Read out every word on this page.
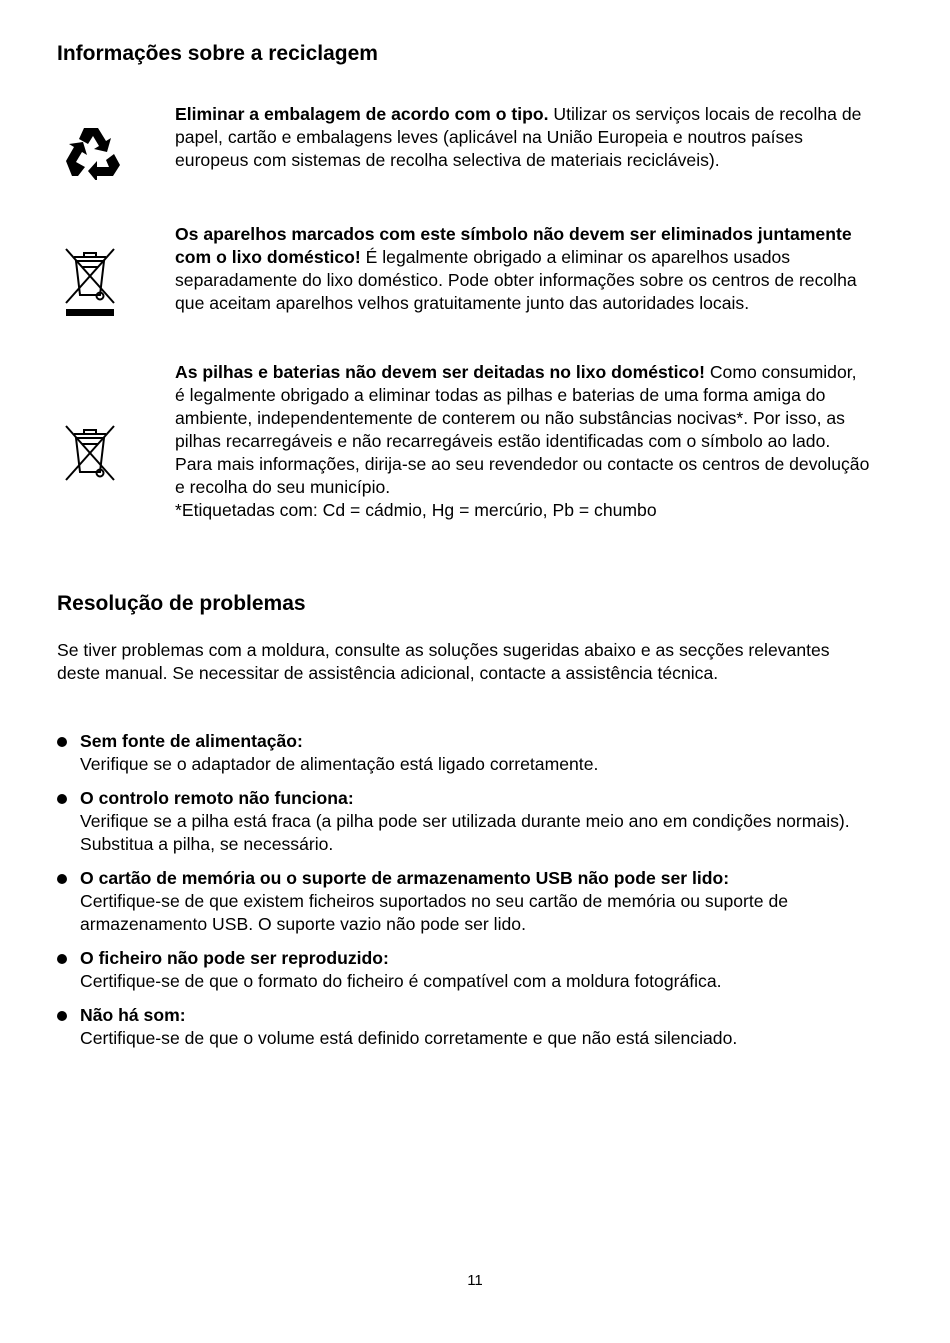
Informações sobre a reciclagem

Eliminar a embalagem de acordo com o tipo. Utilizar os serviços locais de recolha de papel, cartão e embalagens leves (aplicável na União Europeia e noutros países europeus com sistemas de recolha selectiva de materiais recicláveis).

Os aparelhos marcados com este símbolo não devem ser eliminados juntamente com o lixo doméstico! É legalmente obrigado a eliminar os aparelhos usados separadamente do lixo doméstico. Pode obter informações sobre os centros de recolha que aceitam aparelhos velhos gratuitamente junto das autoridades locais.

As pilhas e baterias não devem ser deitadas no lixo doméstico! Como consumidor, é legalmente obrigado a eliminar todas as pilhas e baterias de uma forma amiga do ambiente, independentemente de conterem ou não substâncias nocivas*. Por isso, as pilhas recarregáveis e não recarregáveis estão identificadas com o símbolo ao lado. Para mais informações, dirija-se ao seu revendedor ou contacte os centros de devolução e recolha do seu município.
*Etiquetadas com: Cd = cádmio, Hg = mercúrio, Pb = chumbo

Resolução de problemas

Se tiver problemas com a moldura, consulte as soluções sugeridas abaixo e as secções relevantes deste manual. Se necessitar de assistência adicional, contacte a assistência técnica.

Sem fonte de alimentação:
Verifique se o adaptador de alimentação está ligado corretamente.
O controlo remoto não funciona:
Verifique se a pilha está fraca (a pilha pode ser utilizada durante meio ano em condições normais). Substitua a pilha, se necessário.
O cartão de memória ou o suporte de armazenamento USB não pode ser lido:
Certifique-se de que existem ficheiros suportados no seu cartão de memória ou suporte de armazenamento USB. O suporte vazio não pode ser lido.
O ficheiro não pode ser reproduzido:
Certifique-se de que o formato do ficheiro é compatível com a moldura fotográfica.
Não há som:
Certifique-se de que o volume está definido corretamente e que não está silenciado.
11
